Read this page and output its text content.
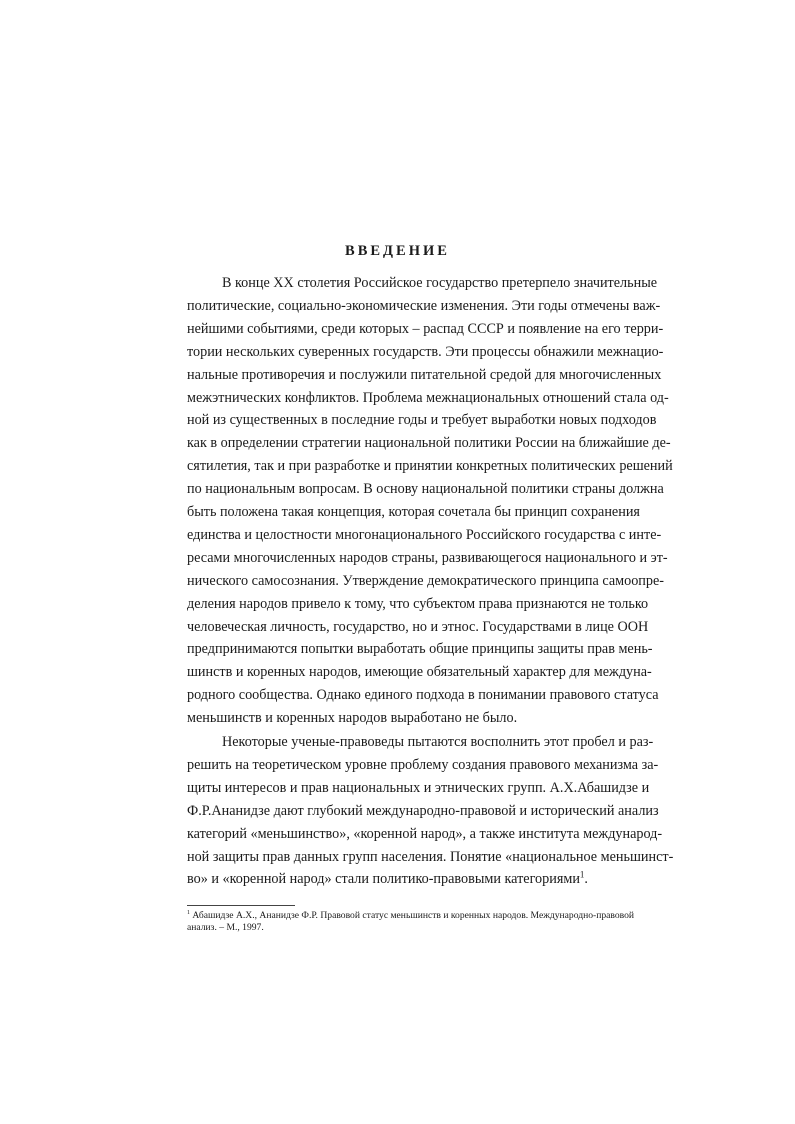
ВВЕДЕНИЕ
В конце XX столетия Российское государство претерпело значительные
политические, социально-экономические изменения. Эти годы отмечены важ-
нейшими событиями, среди которых – распад СССР и появление на его терри-
тории нескольких суверенных государств. Эти процессы обнажили межнацио-
нальные противоречия и послужили питательной средой для многочисленных
межэтнических конфликтов. Проблема межнациональных отношений стала од-
ной из существенных в последние годы и требует выработки новых подходов
как в определении стратегии национальной политики России на ближайшие де-
сятилетия, так и при разработке и принятии конкретных политических решений
по национальным вопросам. В основу национальной политики страны должна
быть положена такая концепция, которая сочетала бы принцип сохранения
единства и целостности многонационального Российского государства с инте-
ресами многочисленных народов страны, развивающегося национального и эт-
нического самосознания. Утверждение демократического принципа самоопре-
деления народов привело к тому, что субъектом права признаются не только
человеческая личность, государство, но и этнос. Государствами в лице ООН
предпринимаются попытки выработать общие принципы защиты прав мень-
шинств и коренных народов, имеющие обязательный характер для междуна-
родного сообщества. Однако единого подхода в понимании правового статуса
меньшинств и коренных народов выработано не было.
Некоторые ученые-правоведы пытаются восполнить этот пробел и раз-
решить на теоретическом уровне проблему создания правового механизма за-
щиты интересов и прав национальных и этнических групп. А.Х.Абашидзе и
Ф.Р.Ананидзе дают глубокий международно-правовой и исторический анализ
категорий «меньшинство», «коренной народ», а также института международ-
ной защиты прав данных групп населения. Понятие «национальное меньшинст-
во» и «коренной народ» стали политико-правовыми категориями$^1$.
$^1$ Абашидзе А.Х., Ананидзе Ф.Р. Правовой статус меньшинств и коренных народов. Международно-правовой
анализ. – М., 1997.
